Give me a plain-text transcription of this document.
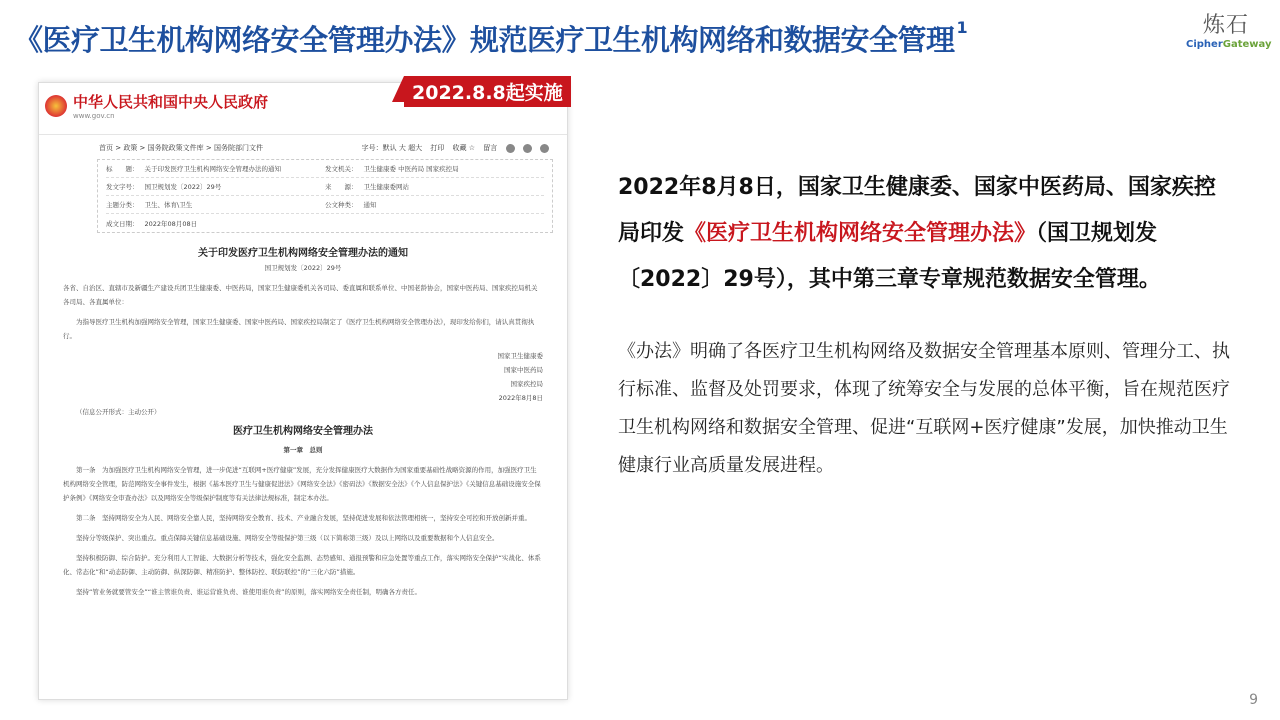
《医疗卫生机构网络安全管理办法》规范医疗卫生机构网络和数据安全管理 $^1$	炼石
CipherGateway
2022.8.8起实施
中华人民共和国中央人民政府
www.gov.cn
首页 > 政策 > 国务院政策文件库 > 国务院部门文件	字号：默认 大 超大 打印 收藏 ☆ 留言
标　　题： 关于印发医疗卫生机构网络安全管理办法的通知	发文机关： 卫生健康委 中医药局 国家疾控局
发文字号： 国卫规划发〔2022〕29号	来　　源： 卫生健康委网站
主题分类： 卫生、体育\卫生	公文种类： 通知
成文日期： 2022年08月08日
关于印发医疗卫生机构网络安全管理办法的通知
国卫规划发〔2022〕29号

各省、自治区、直辖市及新疆生产建设兵团卫生健康委、中医药局，国家卫生健康委机关各司局、委直属和联系单位、中国老龄协会，国家中医药局、国家疾控局机关各司局、各直属单位：

为指导医疗卫生机构加强网络安全管理，国家卫生健康委、国家中医药局、国家疾控局制定了《医疗卫生机构网络安全管理办法》，现印发给你们，请认真贯彻执行。

国家卫生健康委
国家中医药局
国家疾控局
2022年8月8日

（信息公开形式：主动公开）

医疗卫生机构网络安全管理办法
第一章　总则

第一条　为加强医疗卫生机构网络安全管理，进一步促进“互联网+医疗健康”发展，充分发挥健康医疗大数据作为国家重要基础性战略资源的作用，加强医疗卫生机构网络安全管理，防范网络安全事件发生，根据《基本医疗卫生与健康促进法》《网络安全法》《密码法》《数据安全法》《个人信息保护法》《关键信息基础设施安全保护条例》《网络安全审查办法》以及网络安全等级保护制度等有关法律法规标准，制定本办法。

第二条　坚持网络安全为人民、网络安全靠人民，坚持网络安全教育、技术、产业融合发展，坚持促进发展和依法管理相统一，坚持安全可控和开放创新并重。

坚持分等级保护、突出重点。重点保障关键信息基础设施、网络安全等级保护第三级（以下简称第三级）及以上网络以及重要数据和个人信息安全。

坚持积极防御、综合防护。充分利用人工智能、大数据分析等技术，强化安全监测、态势感知、通报预警和应急处置等重点工作，落实网络安全保护“实战化、体系化、常态化”和“动态防御、主动防御、纵深防御、精准防护、整体防控、联防联控”的“三化六防”措施。

坚持“管业务就要管安全”“谁主管谁负责、谁运营谁负责、谁使用谁负责”的原则，落实网络安全责任制，明确各方责任。

2022年8月8日，国家卫生健康委、国家中医药局、国家疾控局印发《医疗卫生机构网络安全管理办法》（国卫规划发〔2022〕29号），其中第三章专章规范数据安全管理。
《办法》明确了各医疗卫生机构网络及数据安全管理基本原则、管理分工、执行标准、监督及处罚要求，体现了统筹安全与发展的总体平衡，旨在规范医疗卫生机构网络和数据安全管理、促进“互联网+医疗健康”发展，加快推动卫生健康行业高质量发展进程。
9
